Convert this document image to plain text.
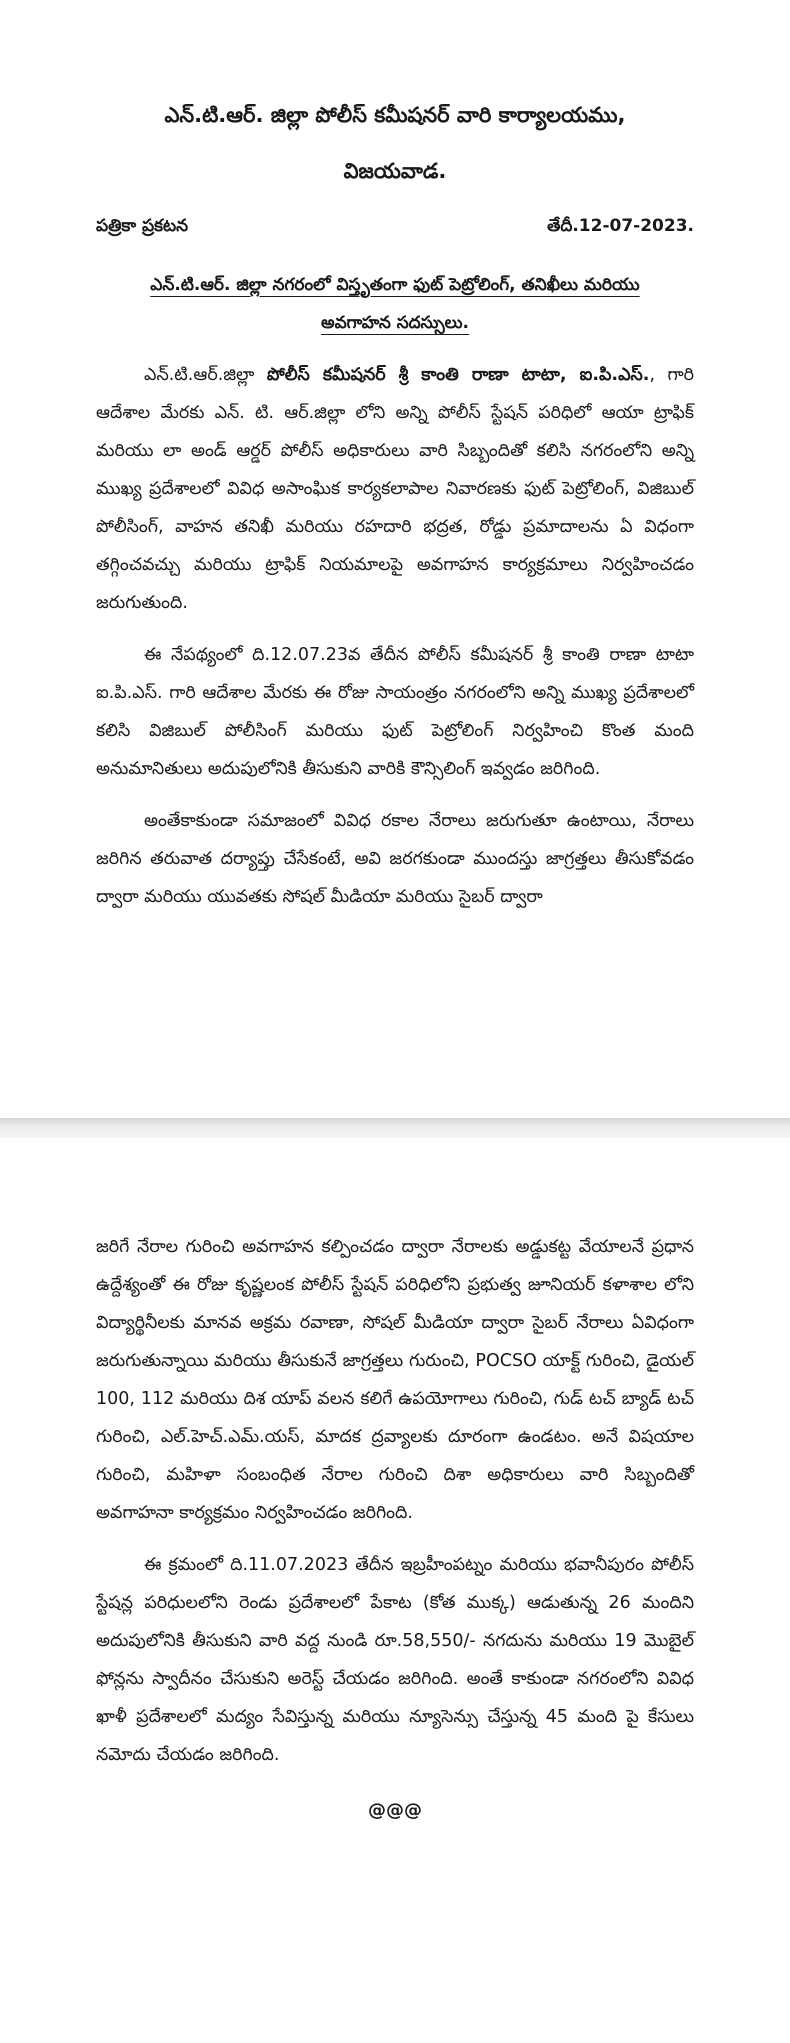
ఎన్.టి.ఆర్. జిల్లా పోలీస్ కమీషనర్ వారి కార్యాలయము,

విజయవాడ.

పత్రికా ప్రకటన	తేదీ.12-07-2023.
ఎన్.టి.ఆర్. జిల్లా నగరంలో విస్తృతంగా ఫుట్ పెట్రోలింగ్, తనిఖీలు మరియు అవగాహన సదస్సులు.

ఎన్.టి.ఆర్.జిల్లా పోలీస్ కమీషనర్ శ్రీ కాంతి రాణా టాటా, ఐ.పి.ఎస్., గారి ఆదేశాల మేరకు ఎన్. టి. ఆర్.జిల్లా లోని అన్ని పోలీస్ స్టేషన్ పరిధిలో ఆయా ట్రాఫిక్ మరియు లా అండ్ ఆర్డర్ పోలీస్ అధికారులు వారి సిబ్బందితో కలిసి నగరంలోని అన్ని ముఖ్య ప్రదేశాలలో వివిధ అసాంఘిక కార్యకలాపాల నివారణకు ఫుట్ పెట్రోలింగ్, విజిబుల్ పోలీసింగ్, వాహన తనిఖీ మరియు రహదారి భద్రత, రోడ్డు ప్రమాదాలను ఏ విధంగా తగ్గించవచ్చు మరియు ట్రాఫిక్ నియమాలపై అవగాహన కార్యక్రమాలు నిర్వహించడం జరుగుతుంది.

ఈ నేపథ్యంలో ది.12.07.23వ తేదీన పోలీస్ కమీషనర్ శ్రీ కాంతి రాణా టాటా ఐ.పి.ఎస్. గారి ఆదేశాల మేరకు ఈ రోజు సాయంత్రం నగరంలోని అన్ని ముఖ్య ప్రదేశాలలో కలిసి విజిబుల్ పోలీసింగ్ మరియు ఫుట్ పెట్రోలింగ్ నిర్వహించి కొంత మంది అనుమానితులు అదుపులోనికి తీసుకుని వారికి కౌన్సిలింగ్ ఇవ్వడం జరిగింది.

అంతేకాకుండా సమాజంలో వివిధ రకాల నేరాలు జరుగుతూ ఉంటాయి, నేరాలు జరిగిన తరువాత దర్యాప్తు చేసేకంటే, అవి జరగకుండా ముందస్తు జాగ్రత్తలు తీసుకోవడం ద్వారా మరియు యువతకు సోషల్ మీడియా మరియు సైబర్ ద్వారా

జరిగే నేరాల గురించి అవగాహన కల్పించడం ద్వారా నేరాలకు అడ్డుకట్ట వేయాలనే ప్రధాన ఉద్దేశ్యంతో ఈ రోజు కృష్ణలంక పోలీస్ స్టేషన్ పరిధిలోని ప్రభుత్వ జూనియర్ కళాశాల లోని విద్యార్థినీలకు మానవ అక్రమ రవాణా, సోషల్ మీడియా ద్వారా సైబర్ నేరాలు ఏవిధంగా జరుగుతున్నాయి మరియు తీసుకునే జాగ్రత్తలు గురుంచి, POCSO యాక్ట్ గురించి, డైయల్ 100, 112 మరియు దిశ యాప్ వలన కలిగే ఉపయోగాలు గురించి, గుడ్ టచ్ బ్యాడ్ టచ్ గురించి, ఎల్.హెచ్.ఎమ్.యస్, మాదక ద్రవ్యాలకు దూరంగా ఉండటం. అనే విషయాల గురించి, మహిళా సంబంధిత నేరాల గురించి దిశా అధికారులు వారి సిబ్బందితో అవగాహనా కార్యక్రమం నిర్వహించడం జరిగింది.

ఈ క్రమంలో ది.11.07.2023 తేదీన ఇబ్రహీంపట్నం మరియు భవానీపురం పోలీస్ స్టేషన్ల పరిధులలోని రెండు ప్రదేశాలలో పేకాట (కోత ముక్క) ఆడుతున్న 26 మందిని అదుపులోనికి తీసుకుని వారి వద్ద నుండి రూ.58,550/- నగదును మరియు 19 మొబైల్ ఫోన్లను స్వాదీనం చేసుకుని అరెస్ట్ చేయడం జరిగింది. అంతే కాకుండా నగరంలోని వివిధ ఖాళీ ప్రదేశాలలో మద్యం సేవిస్తున్న మరియు న్యూసెన్సు చేస్తున్న 45 మంది పై కేసులు నమోదు చేయడం జరిగింది.

@@@
